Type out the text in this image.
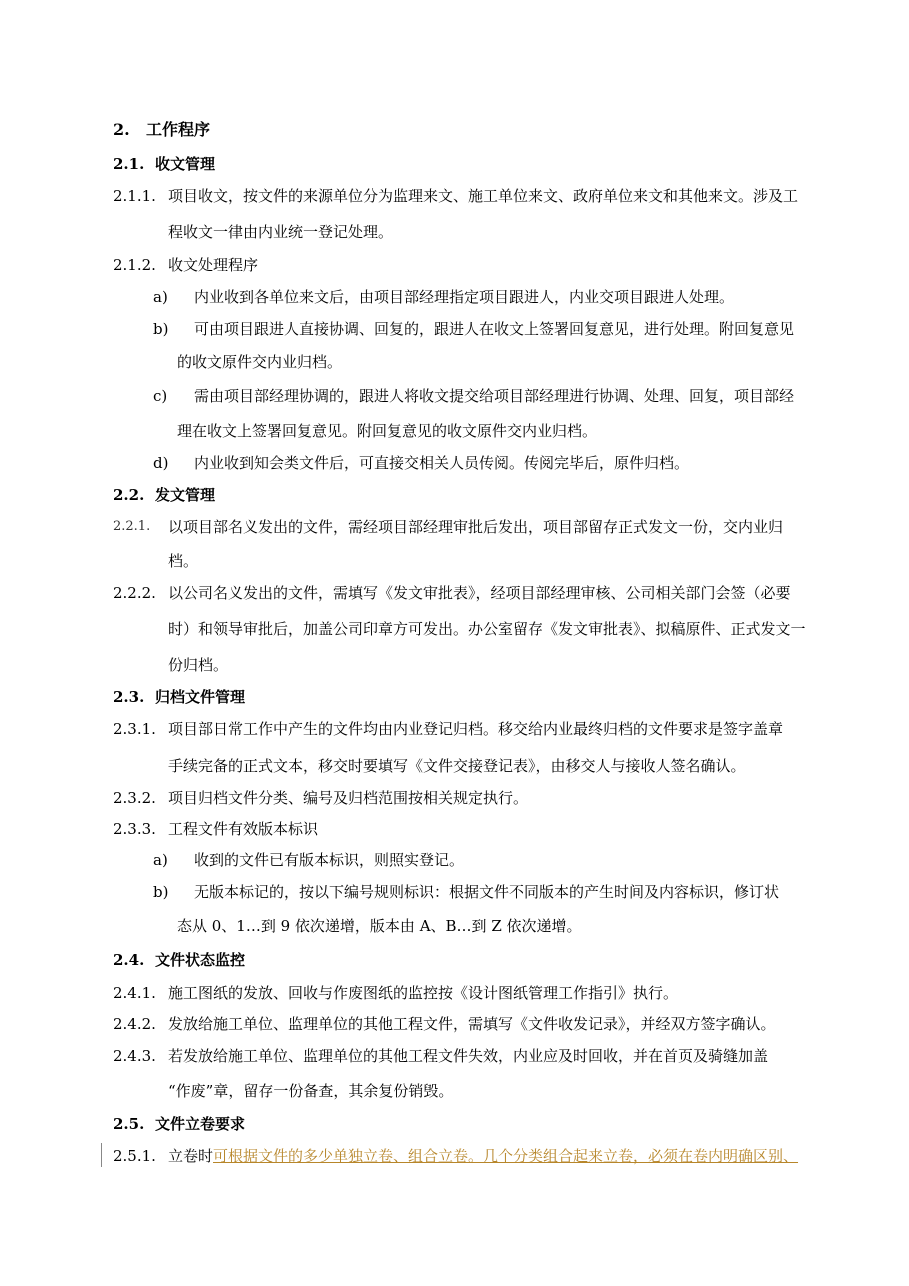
2. 工作程序
2.1. 收文管理
2.1.1. 项目收文，按文件的来源单位分为监理来文、施工单位来文、政府单位来文和其他来文。涉及工
程收文一律由内业统一登记处理。
2.1.2. 收文处理程序
a) 内业收到各单位来文后，由项目部经理指定项目跟进人，内业交项目跟进人处理。
b) 可由项目跟进人直接协调、回复的，跟进人在收文上签署回复意见，进行处理。附回复意见
的收文原件交内业归档。
c) 需由项目部经理协调的，跟进人将收文提交给项目部经理进行协调、处理、回复，项目部经
理在收文上签署回复意见。附回复意见的收文原件交内业归档。
d) 内业收到知会类文件后，可直接交相关人员传阅。传阅完毕后，原件归档。
2.2. 发文管理
2.2.1. 以项目部名义发出的文件，需经项目部经理审批后发出，项目部留存正式发文一份，交内业归
档。
2.2.2. 以公司名义发出的文件，需填写《发文审批表》，经项目部经理审核、公司相关部门会签（必要
时）和领导审批后，加盖公司印章方可发出。办公室留存《发文审批表》、拟稿原件、正式发文一
份归档。
2.3. 归档文件管理
2.3.1. 项目部日常工作中产生的文件均由内业登记归档。移交给内业最终归档的文件要求是签字盖章
手续完备的正式文本，移交时要填写《文件交接登记表》，由移交人与接收人签名确认。
2.3.2. 项目归档文件分类、编号及归档范围按相关规定执行。
2.3.3. 工程文件有效版本标识
a) 收到的文件已有版本标识，则照实登记。
b) 无版本标记的，按以下编号规则标识：根据文件不同版本的产生时间及内容标识，修订状
态从 0、1…到 9 依次递增，版本由 A、B…到 Z 依次递增。
2.4. 文件状态监控
2.4.1. 施工图纸的发放、回收与作废图纸的监控按《设计图纸管理工作指引》执行。
2.4.2. 发放给施工单位、监理单位的其他工程文件，需填写《文件收发记录》，并经双方签字确认。
2.4.3. 若发放给施工单位、监理单位的其他工程文件失效，内业应及时回收，并在首页及骑缝加盖
“作废”章，留存一份备查，其余复份销毁。
2.5. 文件立卷要求
2.5.1. 立卷时可根据文件的多少单独立卷、组合立卷。几个分类组合起来立卷，必须在卷内明确区别、
